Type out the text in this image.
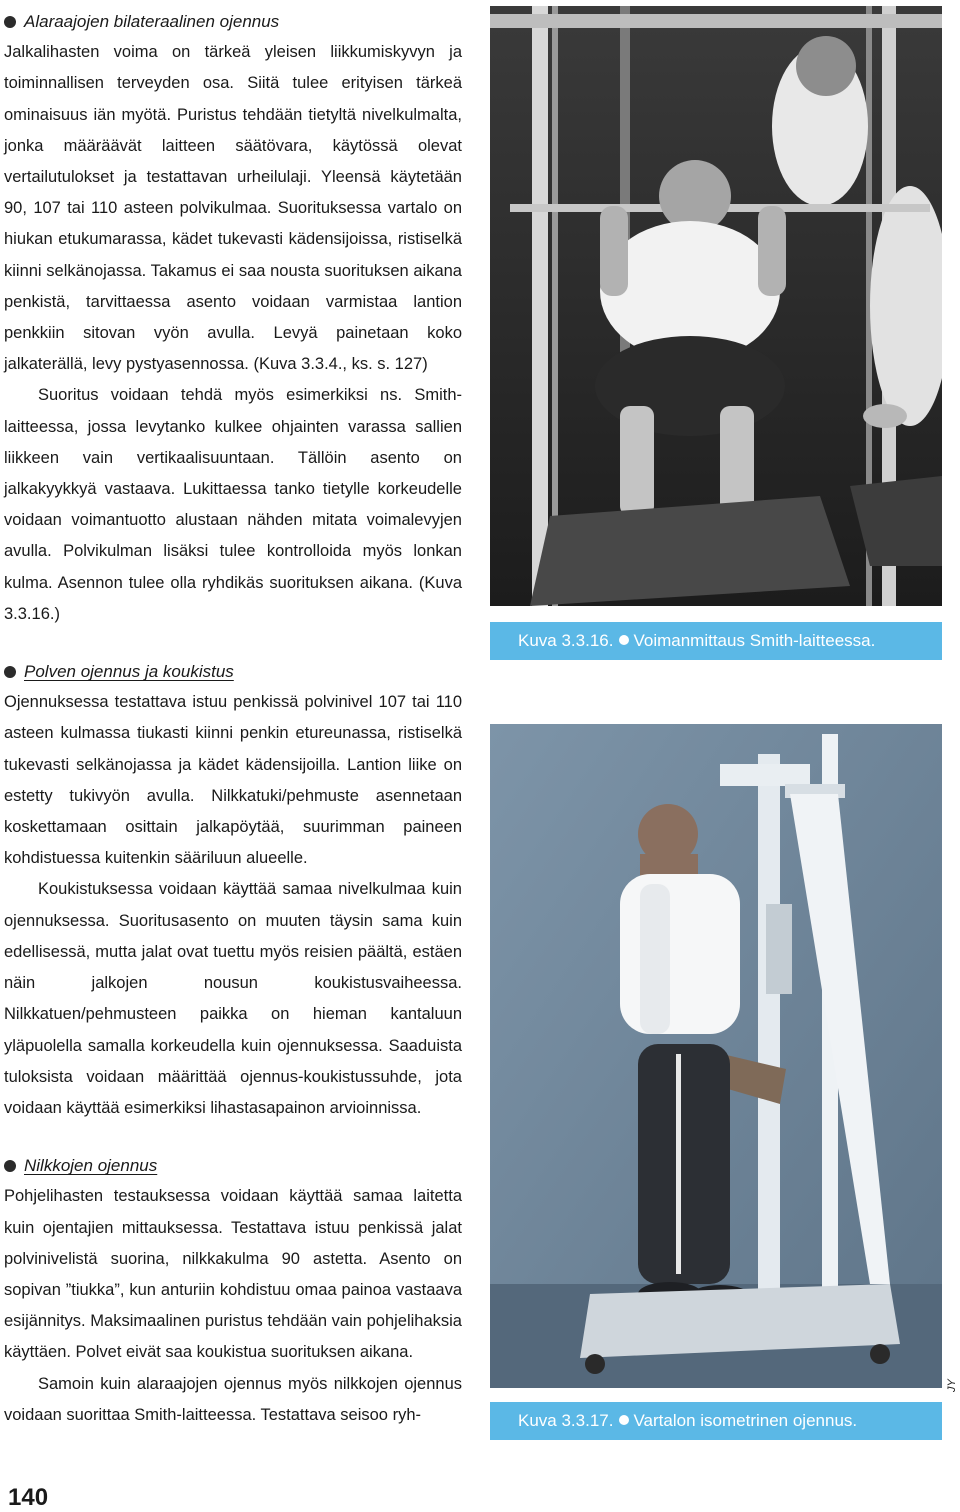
Alaraajojen bilateraalinen ojennus

Jalkalihasten voima on tärkeä yleisen liikkumiskyvyn ja toiminnallisen terveyden osa. Siitä tulee erityisen tärkeä ominaisuus iän myötä. Puristus tehdään tietyltä nivelkulmalta, jonka määräävät laitteen säätövara, käytössä olevat vertailutulokset ja testattavan urheilulaji. Yleensä käytetään 90, 107 tai 110 asteen polvikulmaa. Suorituksessa vartalo on hiukan etukumarassa, kädet tukevasti kädensijoissa, ristiselkä kiinni selkänojassa. Takamus ei saa nousta suorituksen aikana penkistä, tarvittaessa asento voidaan varmistaa lantion penkkiin sitovan vyön avulla. Levyä painetaan koko jalkaterällä, levy pystyasennossa. (Kuva 3.3.4., ks. s. 127)

Suoritus voidaan tehdä myös esimerkiksi ns. Smith-laitteessa, jossa levytanko kulkee ohjainten varassa sallien liikkeen vain vertikaalisuuntaan. Tällöin asento on jalkakyykkyä vastaava. Lukittaessa tanko tietylle korkeudelle voidaan voimantuotto alustaan nähden mitata voimalevyjen avulla. Polvikulman lisäksi tulee kontrolloida myös lonkan kulma. Asennon tulee olla ryhdikäs suorituksen aikana. (Kuva 3.3.16.)

Polven ojennus ja koukistus

Ojennuksessa testattava istuu penkissä polvinivel 107 tai 110 asteen kulmassa tiukasti kiinni penkin etureunassa, ristiselkä tukevasti selkänojassa ja kädet kädensijoilla. Lantion liike on estetty tukivyön avulla. Nilkkatuki/pehmuste asennetaan koskettamaan osittain jalkapöytää, suurimman paineen kohdistuessa kuitenkin sääriluun alueelle.

Koukistuksessa voidaan käyttää samaa nivelkulmaa kuin ojennuksessa. Suoritusasento on muuten täysin sama kuin edellisessä, mutta jalat ovat tuettu myös reisien päältä, estäen näin jalkojen nousun koukistusvaiheessa. Nilkkatuen/pehmusteen paikka on hieman kantaluun yläpuolella samalla korkeudella kuin ojennuksessa. Saaduista tuloksista voidaan määrittää ojennus-koukistussuhde, jota voidaan käyttää esimerkiksi lihastasapainon arvioinnissa.

Nilkkojen ojennus

Pohjelihasten testauksessa voidaan käyttää samaa laitetta kuin ojentajien mittauksessa. Testattava istuu penkissä jalat polvinivelistä suorina, nilkkakulma 90 astetta. Asento on sopivan ”tiukka”, kun anturiin kohdistuu omaa painoa vastaava esijännitys. Maksimaalinen puristus tehdään vain pohjelihaksia käyttäen. Polvet eivät saa koukistua suorituksen aikana.

Samoin kuin alaraajojen ojennus myös nilkkojen ojennus voidaan suorittaa Smith-laitteessa. Testattava seisoo ryh-

Kuva 3.3.16. Voimanmittaus Smith-laitteessa.
Kuva 3.3.17. Vartalon isometrinen ojennus.
JY
140
